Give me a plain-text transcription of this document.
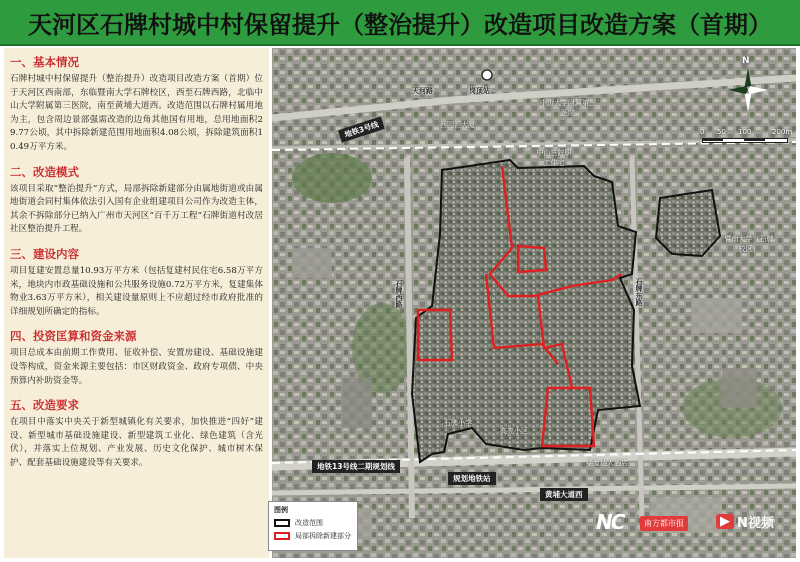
天河区石牌村城中村保留提升（整治提升）改造项目改造方案（首期）
一、基本情况
石牌村城中村保留提升（整治提升）改造项目改造方案（首期）位于天河区西南部，东临暨南大学石牌校区，西至石牌西路，北临中山大学附属第三医院，南至黄埔大道西。改造范围以石牌村属用地为主，包含周边景部强需改造的边角其他国有用地，总用地面积29.77公顷，其中拆除新建范围用地面积4.08公顷，拆除建筑面积10.49万平方米。
二、改造模式
该项目采取“整治提升”方式，局部拆除新建部分由属地街道或由属地街道会同村集体依法引入国有企业组建项目公司作为改造主体，其余不拆除部分已纳入广州市天河区“百千万工程”石牌街道村改居社区整治提升工程。
三、建设内容
项目复建安置总量10.93万平方米（包括复建村民住宅6.58万平方米，地块内市政基础设施和公共服务设施0.72万平方米，复建集体物业3.63万平方米），相关建设量原则上不应超过经市政府批准的详细规划所确定的指标。
四、投资匡算和资金来源
项目总成本由前期工作费用、征收补偿、安置房建设、基础设施建设等构成，资金来源主要包括：市区财政资金、政府专项债、中央预算内补助资金等。
五、改造要求
在项目中落实中央关于新型城镇化有关要求，加快推进“四好”建设、新型城市基础设施建设、新型建筑工业化、绿色建筑（含光伏），并落实上位规划、产业发展、历史文化保护、城市树木保护、配套基础设施建设等有关要求。
天河路	岗顶站
地铁3号线
中山大学附属第三医院
西园汇大厦
中山三院职工住宅
暨南大学（石牌校区）
石牌西路	石牌东路
石牌小学
高亮小区
华厦达大酒店
地铁13号线二期规划线
规划地铁站
黄埔大道西
N
0 50 100	200m
图例
改造范围
局部拆除新建部分
NC	南方都市报	▶ N视频
